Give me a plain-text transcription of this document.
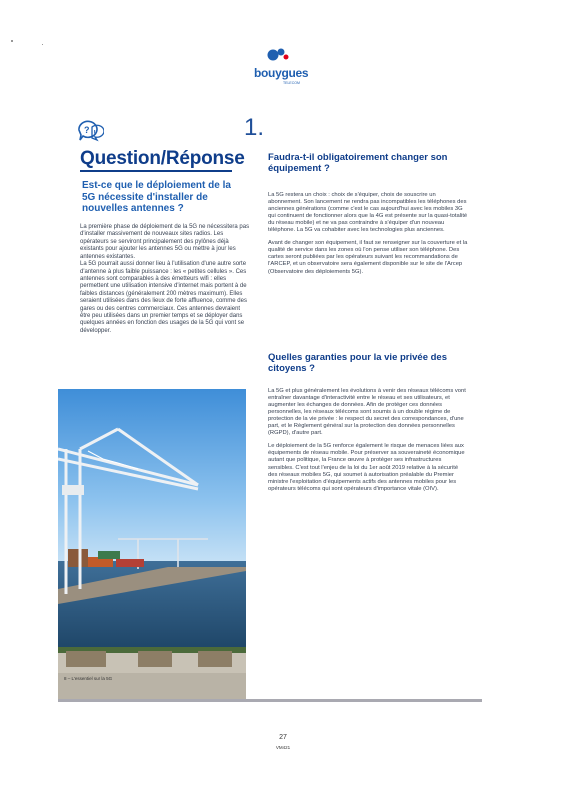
bouygues
TELECOM
? !	1.
Question/Réponse
Est-ce que le déploiement de la 5G nécessite d'installer de nouvelles antennes ?

La première phase de déploiement de la 5G ne nécessitera pas d'installer massivement de nouveaux sites radios. Les opérateurs se serviront principalement des pylônes déjà existants pour ajouter les antennes 5G ou mettre à jour les antennes existantes.

La 5G pourrait aussi donner lieu à l'utilisation d'une autre sorte d'antenne à plus faible puissance : les « petites cellules ». Ces antennes sont comparables à des émetteurs wifi : elles permettent une utilisation intensive d'internet mais portent à de faibles distances (généralement 200 mètres maximum). Elles seraient utilisées dans des lieux de forte affluence, comme des gares ou des centres commerciaux. Ces antennes devraient être peu utilisées dans un premier temps et se déployer dans quelques années en fonction des usages de la 5G qui vont se développer.

Faudra-t-il obligatoirement changer son équipement ?

La 5G restera un choix : choix de s'équiper, choix de souscrire un abonnement. Son lancement ne rendra pas incompatibles les téléphones des anciennes générations (comme c'est le cas aujourd'hui avec les mobiles 3G qui continuent de fonctionner alors que la 4G est présente sur la quasi-totalité du réseau mobile) et ne va pas contraindre à s'équiper d'un nouveau téléphone. La 5G va cohabiter avec les technologies plus anciennes.

Avant de changer son équipement, il faut se renseigner sur la couverture et la qualité de service dans les zones où l'on pense utiliser son téléphone. Des cartes seront publiées par les opérateurs suivant les recommandations de l'ARCEP, et un observatoire sera également disponible sur le site de l'Arcep (Observatoire des déploiements 5G).

Quelles garanties pour la vie privée des citoyens ?

La 5G et plus généralement les évolutions à venir des réseaux télécoms vont entraîner davantage d'interactivité entre le réseau et ses utilisateurs, et augmenter les échanges de données. Afin de protéger ces données personnelles, les réseaux télécoms sont soumis à un double régime de protection de la vie privée : le respect du secret des correspondances, d'une part, et le Règlement général sur la protection des données personnelles (RGPD), d'autre part.

Le déploiement de la 5G renforce également le risque de menaces liées aux équipements de réseau mobile. Pour préserver sa souveraineté économique autant que politique, la France œuvre à protéger ses infrastructures sensibles. C'est tout l'enjeu de la loi du 1er août 2019 relative à la sécurité des réseaux mobiles 5G, qui soumet à autorisation préalable du Premier ministre l'exploitation d'équipements actifs des antennes mobiles pour les opérateurs télécoms qui sont opérateurs d'importance vitale (OIV).

8 – L'essentiel sur la 5G
27
VM421
